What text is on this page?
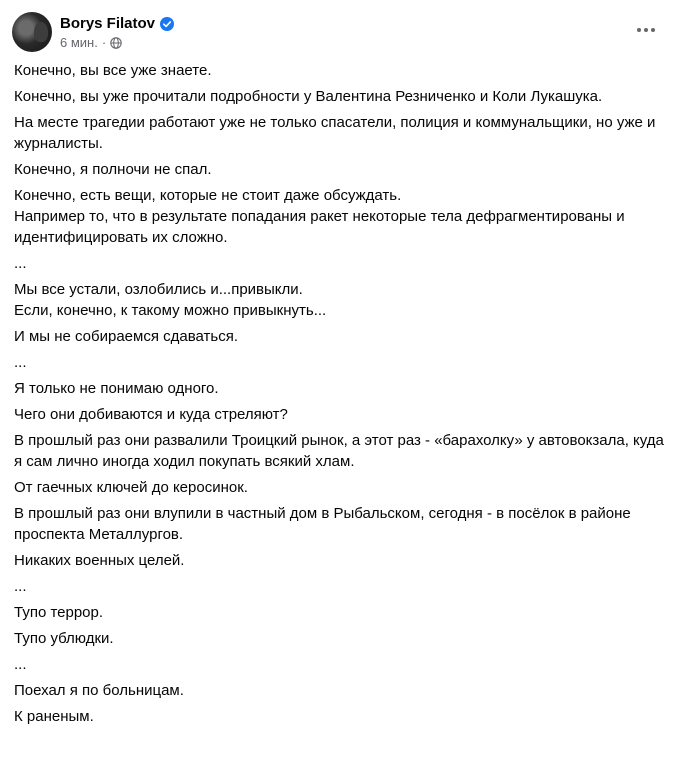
Borys Filatov
6 мин. ·
Конечно, вы все уже знаете.
Конечно, вы уже прочитали подробности у Валентина Резниченко и Коли Лукашука.
На месте трагедии работают уже не только спасатели, полиция и коммунальщики, но уже и
журналисты.
Конечно, я полночи не спал.
Конечно, есть вещи, которые не стоит даже обсуждать.
Например то, что в результате попадания ракет некоторые тела дефрагментированы и
идентифицировать их сложно.
...
Мы все устали, озлобились и...привыкли.
Если, конечно, к такому можно привыкнуть...
И мы не собираемся сдаваться.
...
Я только не понимаю одного.
Чего они добиваются и куда стреляют?
В прошлый раз они развалили Троицкий рынок, а этот раз - «барахолку» у автовокзала, куда
я сам лично иногда ходил покупать всякий хлам.
От гаечных ключей до керосинок.
В прошлый раз они влупили в частный дом в Рыбальском, сегодня - в посёлок в районе
проспекта Металлургов.
Никаких военных целей.
...
Тупо террор.
Тупо ублюдки.
...
Поехал я по больницам.
К раненым.
